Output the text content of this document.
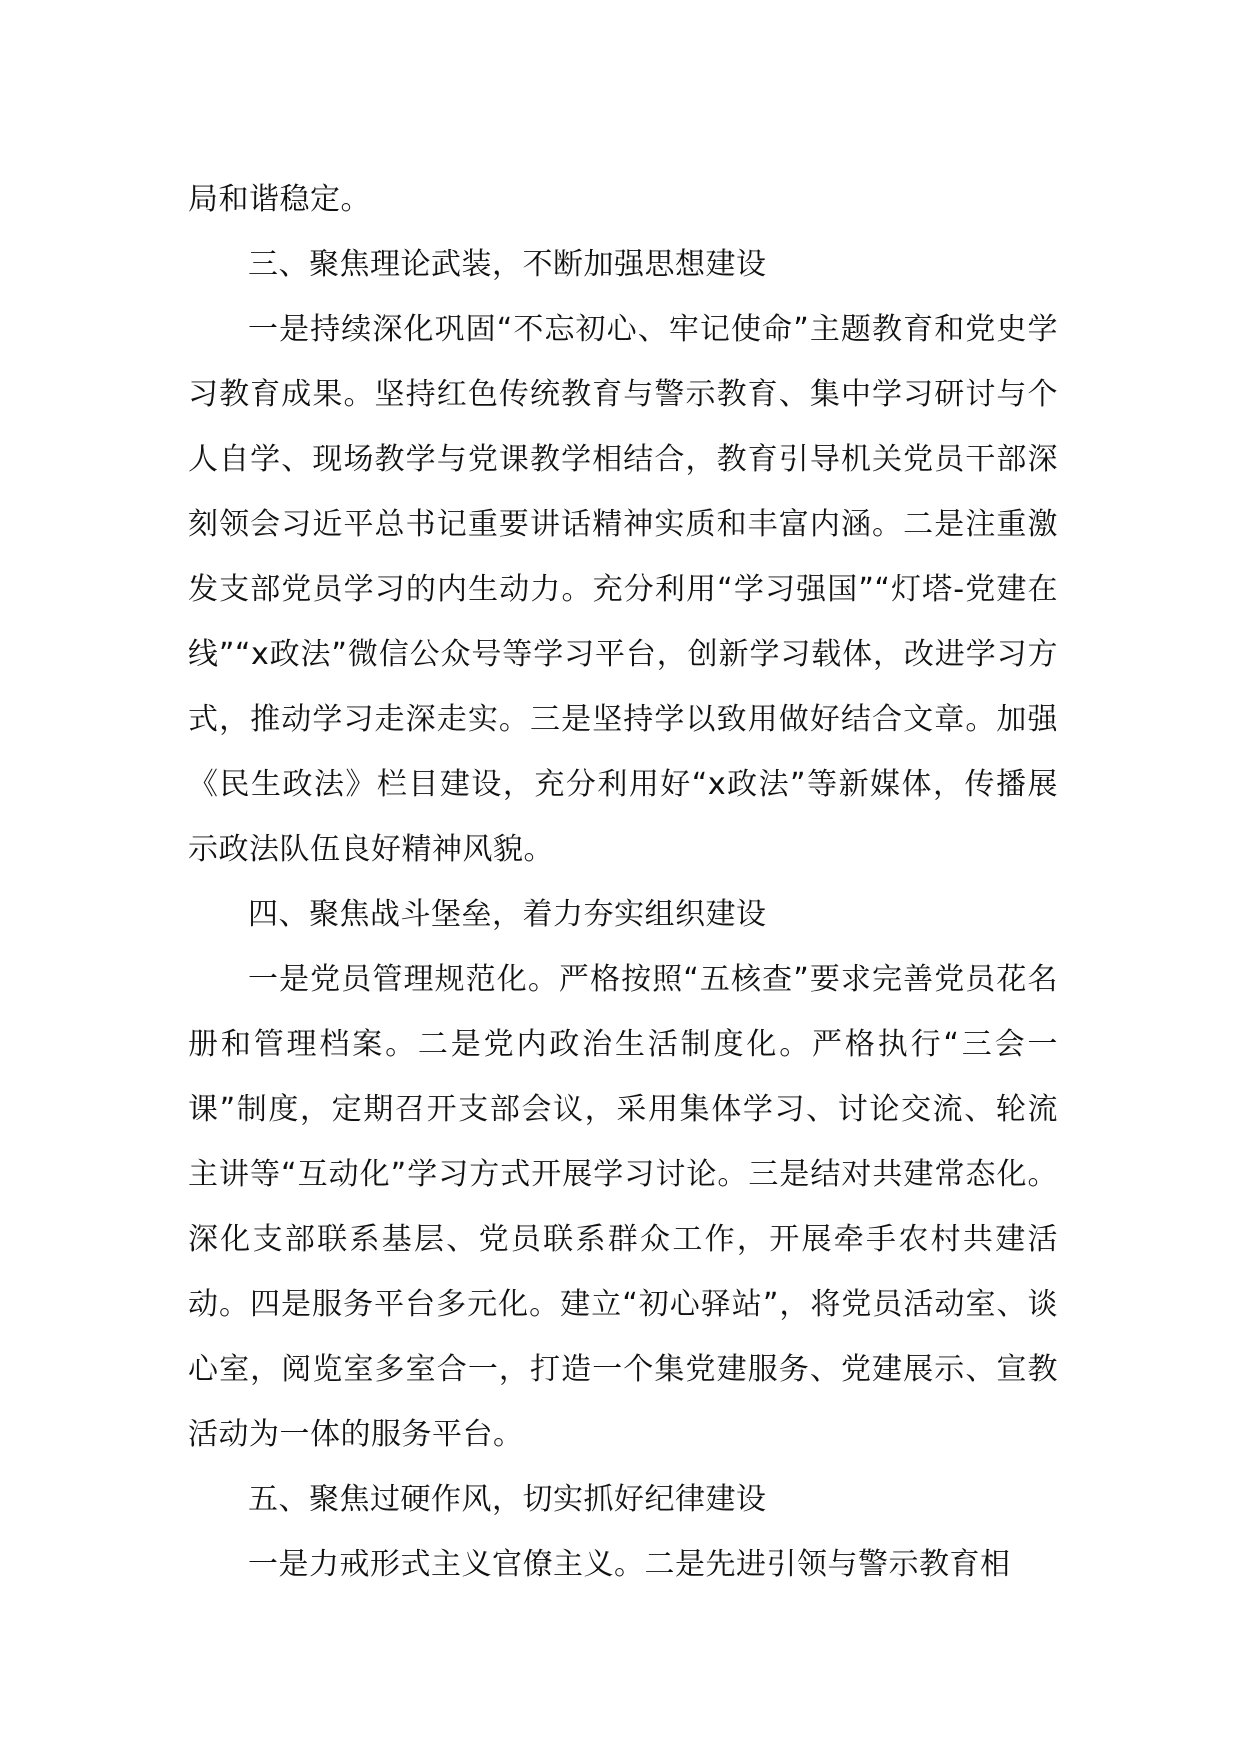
局和谐稳定。

三、聚焦理论武装，不断加强思想建设

一是持续深化巩固“不忘初心、牢记使命”主题教育和党史学习教育成果。坚持红色传统教育与警示教育、集中学习研讨与个人自学、现场教学与党课教学相结合，教育引导机关党员干部深刻领会习近平总书记重要讲话精神实质和丰富内涵。二是注重激发支部党员学习的内生动力。充分利用“学习强国”“灯塔-党建在线”“x政法”微信公众号等学习平台，创新学习载体，改进学习方式，推动学习走深走实。三是坚持学以致用做好结合文章。加强《民生政法》栏目建设，充分利用好“x政法”等新媒体，传播展示政法队伍良好精神风貌。

四、聚焦战斗堡垒，着力夯实组织建设

一是党员管理规范化。严格按照“五核查”要求完善党员花名册和管理档案。二是党内政治生活制度化。严格执行“三会一课”制度，定期召开支部会议，采用集体学习、讨论交流、轮流主讲等“互动化”学习方式开展学习讨论。三是结对共建常态化。深化支部联系基层、党员联系群众工作，开展牵手农村共建活动。四是服务平台多元化。建立“初心驿站”，将党员活动室、谈心室，阅览室多室合一，打造一个集党建服务、党建展示、宣教活动为一体的服务平台。

五、聚焦过硬作风，切实抓好纪律建设

一是力戒形式主义官僚主义。二是先进引领与警示教育相
